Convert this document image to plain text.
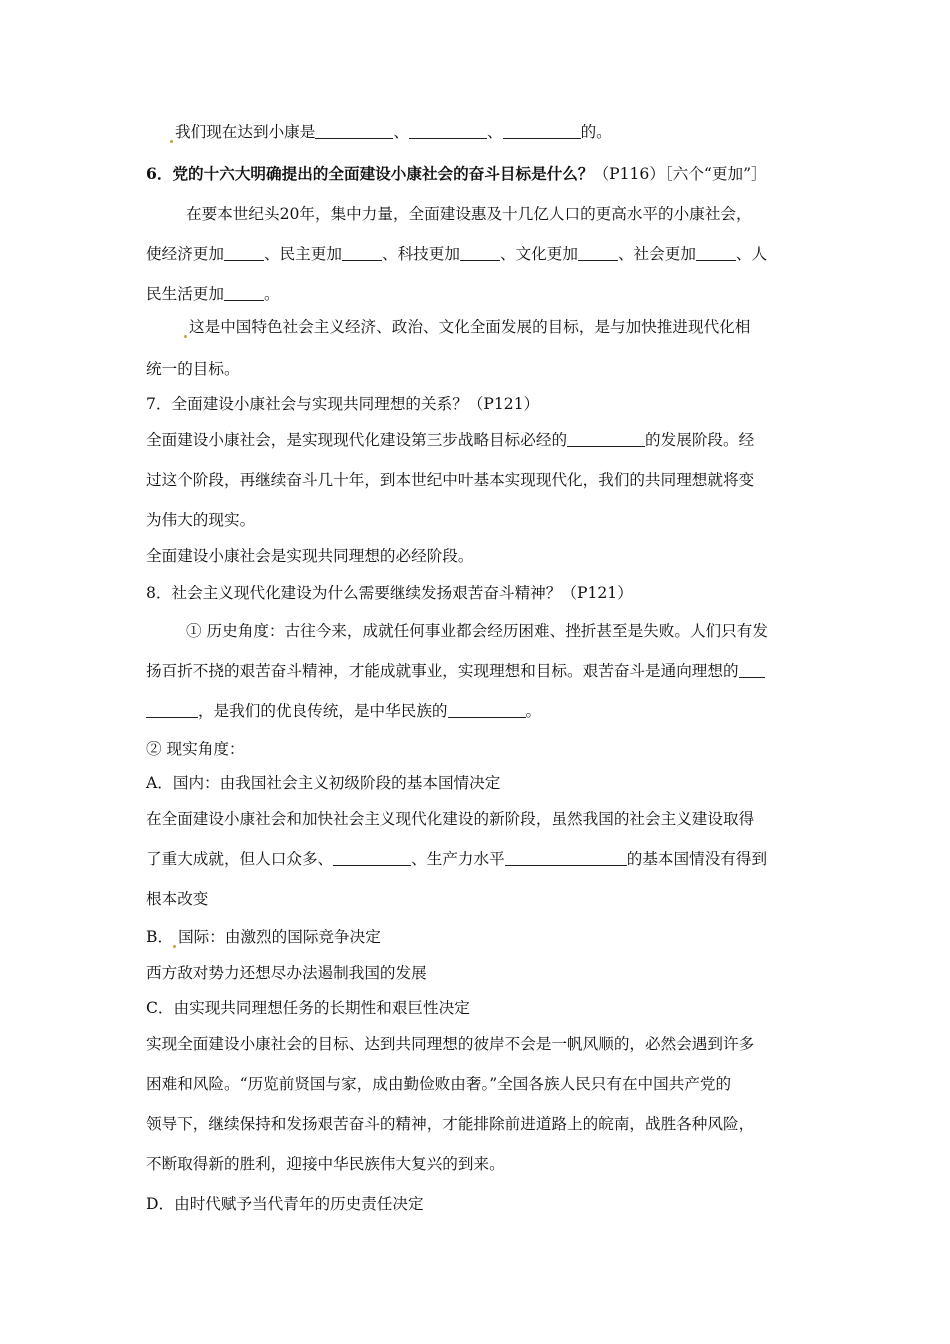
我们现在达到小康是	、	、	的。
6．党的十六大明确提出的全面建设小康社会的奋斗目标是什么？（P116）［六个“更加”］
在要本世纪头20年，集中力量，全面建设惠及十几亿人口的更高水平的小康社会，
使经济更加	、民主更加	、科技更加	、文化更加	、社会更加	、人
民生活更加	。
这是中国特色社会主义经济、政治、文化全面发展的目标，是与加快推进现代化相
统一的目标。
7．全面建设小康社会与实现共同理想的关系？（P121）
全面建设小康社会，是实现现代化建设第三步战略目标必经的	的发展阶段。经
过这个阶段，再继续奋斗几十年，到本世纪中叶基本实现现代化，我们的共同理想就将变
为伟大的现实。
全面建设小康社会是实现共同理想的必经阶段。
8．社会主义现代化建设为什么需要继续发扬艰苦奋斗精神？（P121）
① 历史角度：古往今来，成就任何事业都会经历困难、挫折甚至是失败。人们只有发
扬百折不挠的艰苦奋斗精神，才能成就事业，实现理想和目标。艰苦奋斗是通向理想的
，是我们的优良传统，是中华民族的	。
② 现实角度：
A．国内：由我国社会主义初级阶段的基本国情决定
在全面建设小康社会和加快社会主义现代化建设的新阶段，虽然我国的社会主义建设取得
了重大成就，但人口众多、	、生产力水平	的基本国情没有得到
根本改变
B． 国际：由激烈的国际竞争决定
西方敌对势力还想尽办法遏制我国的发展
C．由实现共同理想任务的长期性和艰巨性决定
实现全面建设小康社会的目标、达到共同理想的彼岸不会是一帆风顺的，必然会遇到许多
困难和风险。“历览前贤国与家，成由勤俭败由奢。”全国各族人民只有在中国共产党的
领导下，继续保持和发扬艰苦奋斗的精神，才能排除前进道路上的皖南，战胜各种风险，
不断取得新的胜利，迎接中华民族伟大复兴的到来。
D．由时代赋予当代青年的历史责任决定
